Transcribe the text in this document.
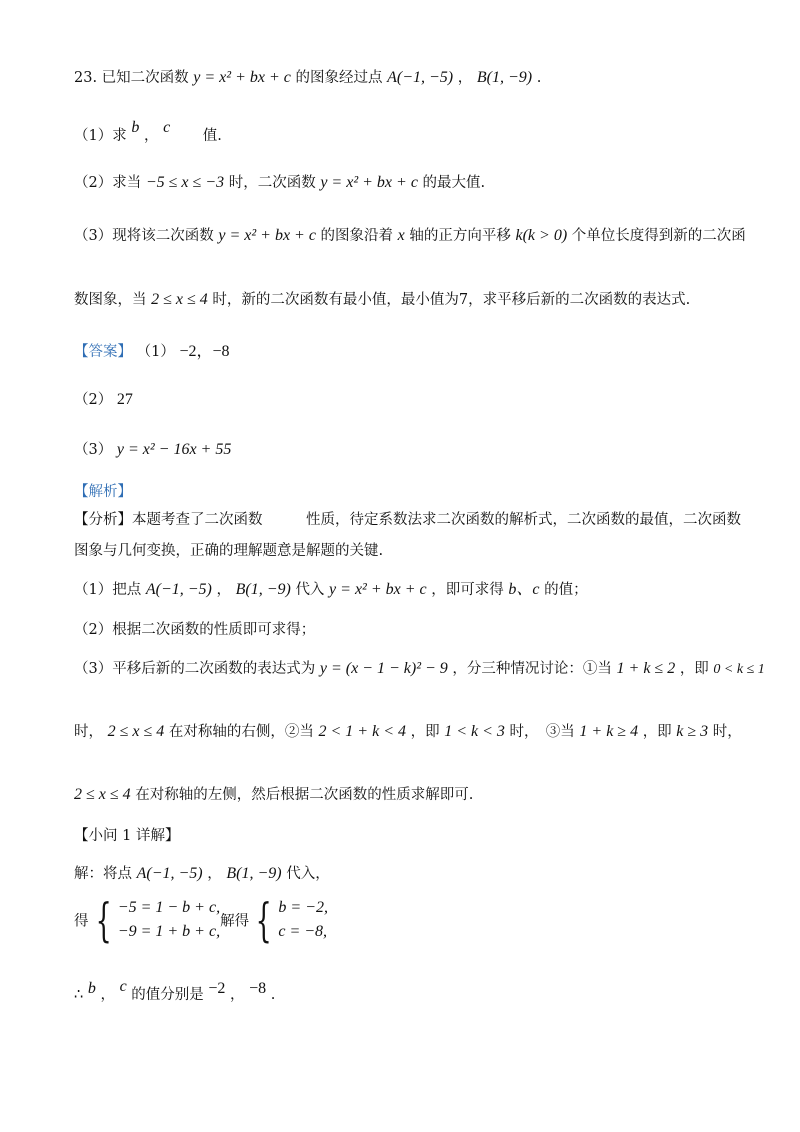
23. 已知二次函数 y = x² + bx + c 的图象经过点 A(−1, −5) ， B(1, −9) .
（1）求 b ， c 值.
（2）求当 −5 ≤ x ≤ −3 时，二次函数 y = x² + bx + c 的最大值.
（3）现将该二次函数 y = x² + bx + c 的图象沿着 x 轴的正方向平移 k(k > 0) 个单位长度得到新的二次函
数图象，当 2 ≤ x ≤ 4 时，新的二次函数有最小值，最小值为7，求平移后新的二次函数的表达式.
【答案】 （1） −2，−8
（2） 27
（3） y = x² − 16x + 55
【解析】
【分析】本题考查了二次函数　　　性质，待定系数法求二次函数的解析式，二次函数的最值，二次函数
图象与几何变换，正确的理解题意是解题的关键.
（1）把点 A(−1, −5) ， B(1, −9) 代入 y = x² + bx + c ，即可求得 b、c 的值；
（2）根据二次函数的性质即可求得；
（3）平移后新的二次函数的表达式为 y = (x − 1 − k)² − 9 ，分三种情况讨论：①当 1 + k ≤ 2 ，即 0 < k ≤ 1
时， 2 ≤ x ≤ 4 在对称轴的右侧，②当 2 < 1 + k < 4 ，即 1 < k < 3 时，　③当 1 + k ≥ 4 ，即 k ≥ 3 时，
2 ≤ x ≤ 4 在对称轴的左侧，然后根据二次函数的性质求解即可.
【小问 1 详解】
解：将点 A(−1, −5) ， B(1, −9) 代入，
得 { −5 = 1 − b + c,
−9 = 1 + b + c,
解得 { b = −2,
c = −8,
∴ b ， c 的值分别是 −2 ， −8 .
